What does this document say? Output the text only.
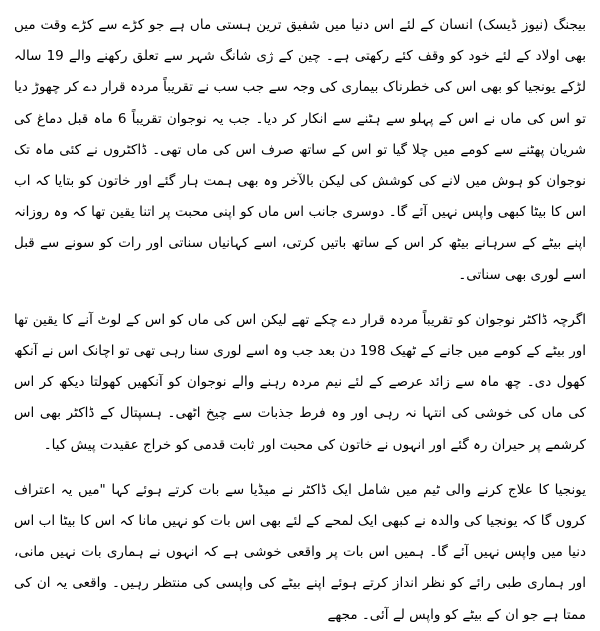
بیجنگ (نیوز ڈیسک) انسان کے لئے اس دنیا میں شفیق ترین ہستی ماں ہے جو کڑے سے کڑے وقت میں بھی اولاد کے لئے خود کو وقف کئے رکھتی ہے۔ چین کے ژی شانگ شہر سے تعلق رکھنے والے 19 سالہ لڑکے یونجیا کو بھی اس کی خطرناک بیماری کی وجہ سے جب سب نے تقریباً مردہ قرار دے کر چھوڑ دیا تو اس کی ماں نے اس کے پہلو سے ہٹنے سے انکار کر دیا۔ جب یہ نوجوان تقریباً 6 ماہ قبل دماغ کی شریان پھٹنے سے کومے میں چلا گیا تو اس کے ساتھ صرف اس کی ماں تھی۔ ڈاکٹروں نے کئی ماہ تک نوجوان کو ہوش میں لانے کی کوشش کی لیکن بالآخر وہ بھی ہمت ہار گئے اور خاتون کو بتایا کہ اب اس کا بیٹا کبھی واپس نہیں آئے گا۔ دوسری جانب اس ماں کو اپنی محبت پر اتنا یقین تھا کہ وہ روزانہ اپنے بیٹے کے سرہانے بیٹھ کر اس کے ساتھ باتیں کرتی، اسے کہانیاں سناتی اور رات کو سونے سے قبل اسے لوری بھی سناتی۔

اگرچہ ڈاکٹر نوجوان کو تقریباً مردہ قرار دے چکے تھے لیکن اس کی ماں کو اس کے لوٹ آنے کا یقین تھا اور بیٹے کے کومے میں جانے کے ٹھیک 198 دن بعد جب وہ اسے لوری سنا رہی تھی تو اچانک اس نے آنکھ کھول دی۔ چھ ماہ سے زائد عرصے کے لئے نیم مردہ رہنے والے نوجوان کو آنکھیں کھولتا دیکھ کر اس کی ماں کی خوشی کی انتہا نہ رہی اور وہ فرط جذبات سے چیخ اٹھی۔ ہسپتال کے ڈاکٹر بھی اس کرشمے پر حیران رہ گئے اور انہوں نے خاتون کی محبت اور ثابت قدمی کو خراج عقیدت پیش کیا۔

یونجیا کا علاج کرنے والی ٹیم میں شامل ایک ڈاکٹر نے میڈیا سے بات کرتے ہوئے کہا "میں یہ اعتراف کروں گا کہ یونجیا کی والدہ نے کبھی ایک لمحے کے لئے بھی اس بات کو نہیں مانا کہ اس کا بیٹا اب اس دنیا میں واپس نہیں آئے گا۔ ہمیں اس بات پر واقعی خوشی ہے کہ انہوں نے ہماری بات نہیں مانی، اور ہماری طبی رائے کو نظر انداز کرتے ہوئے اپنے بیٹے کی واپسی کی منتظر رہیں۔ واقعی یہ ان کی ممتا ہے جو ان کے بیٹے کو واپس لے آئی۔ مجھے
